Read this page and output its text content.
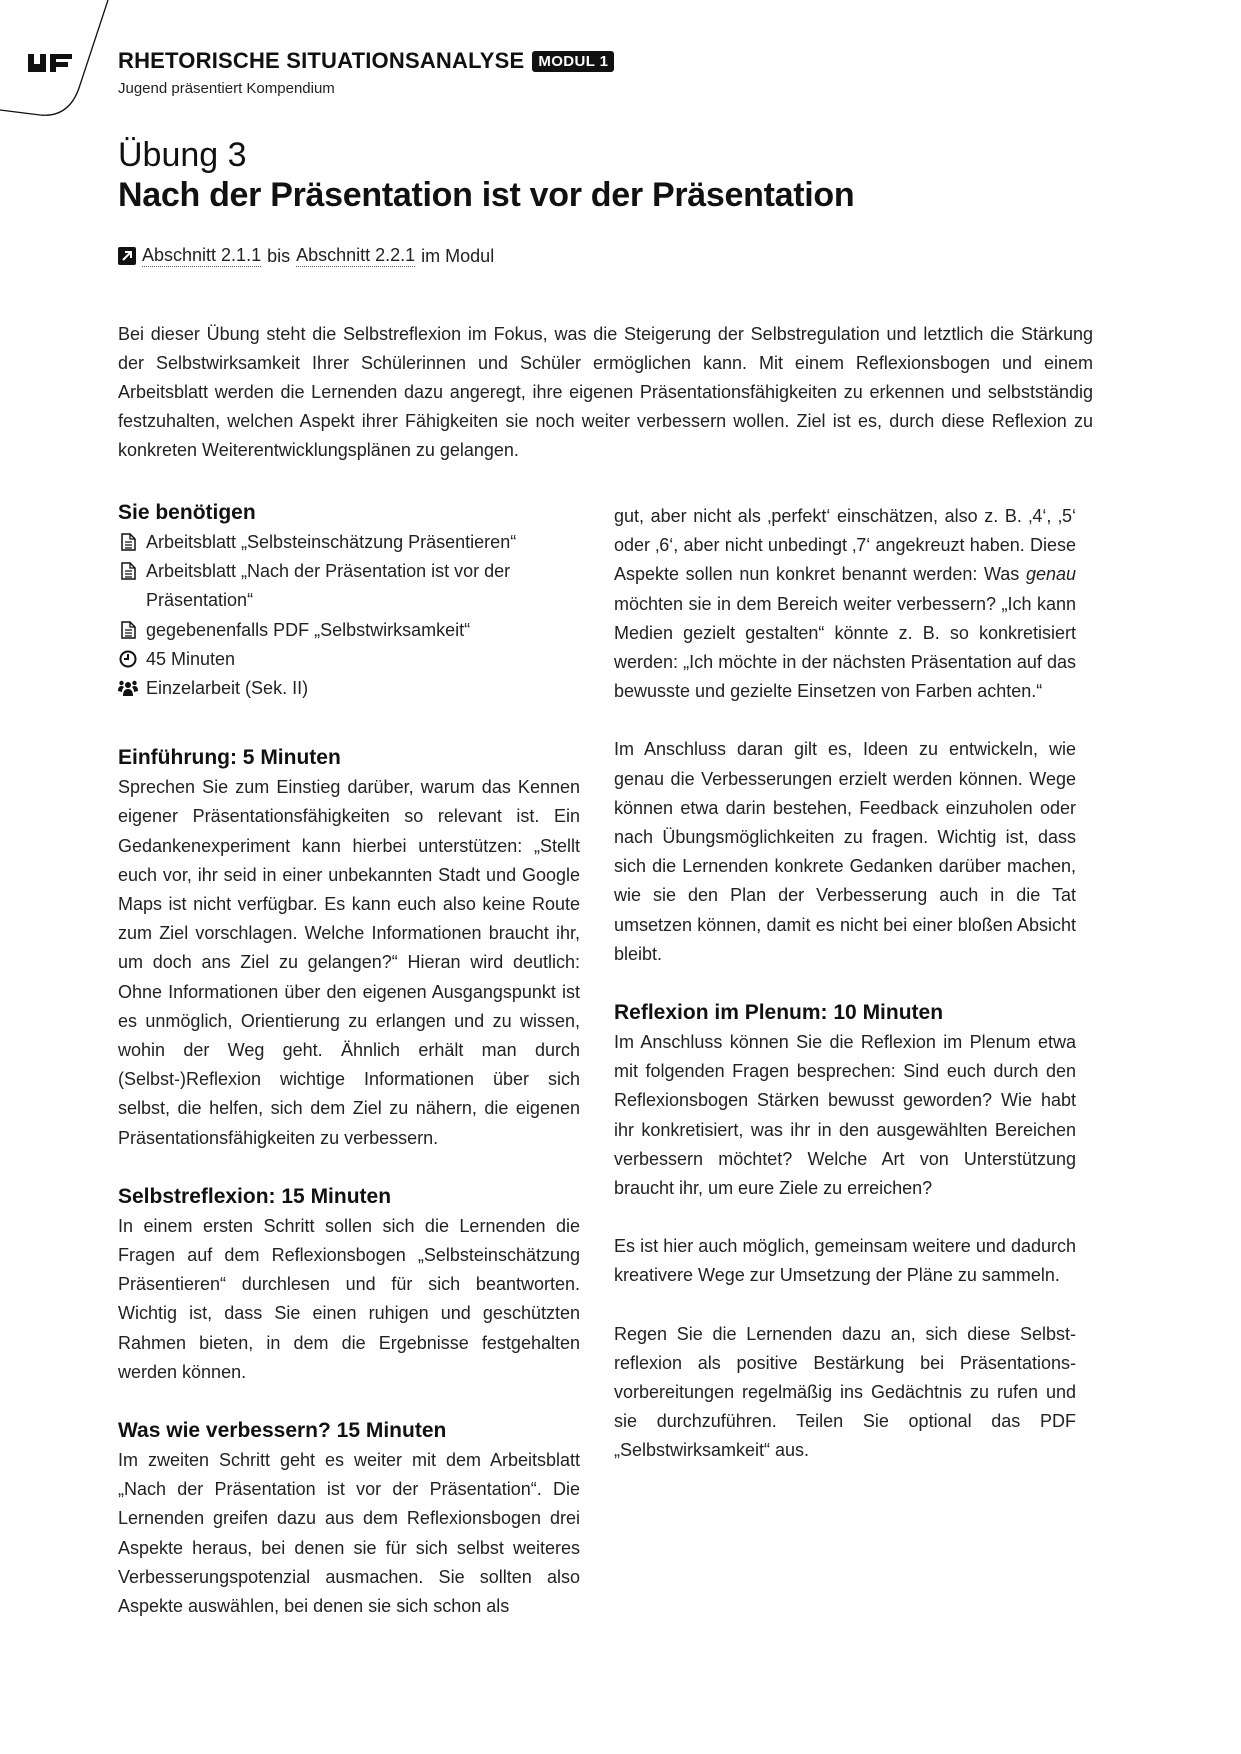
RHETORISCHE SITUATIONSANALYSE MODUL 1
Jugend präsentiert Kompendium
Übung 3
Nach der Präsentation ist vor der Präsentation
Abschnitt 2.1.1 bis Abschnitt 2.2.1 im Modul

Bei dieser Übung steht die Selbstreflexion im Fokus, was die Steigerung der Selbstregulation und letztlich die Stärkung der Selbstwirksamkeit Ihrer Schülerinnen und Schüler ermöglichen kann. Mit einem Reflexionsbogen und einem Arbeitsblatt werden die Lernenden dazu angeregt, ihre eigenen Präsentationsfähigkeiten zu erkennen und selbstständig festzuhalten, welchen Aspekt ihrer Fähigkeiten sie noch weiter verbessern wollen. Ziel ist es, durch diese Reflexion zu konkreten Weiterentwicklungsplänen zu gelangen.

Sie benötigen
Arbeitsblatt „Selbsteinschätzung Präsentieren“
Arbeitsblatt „Nach der Präsentation ist vor der Präsentation“
gegebenenfalls PDF „Selbstwirksamkeit“
45 Minuten
Einzelarbeit (Sek. II)
Einführung: 5 Minuten

Sprechen Sie zum Einstieg darüber, warum das Kennen eigener Präsentationsfähigkeiten so relevant ist. Ein Gedankenexperiment kann hierbei unterstützen: „Stellt euch vor, ihr seid in einer unbekannten Stadt und Google Maps ist nicht verfügbar. Es kann euch also keine Route zum Ziel vorschlagen. Welche Informationen braucht ihr, um doch ans Ziel zu gelangen?“ Hieran wird deutlich: Ohne Informationen über den eigenen Ausgangspunkt ist es unmöglich, Orientierung zu erlangen und zu wissen, wohin der Weg geht. Ähnlich erhält man durch (Selbst-)Reflexion wichtige Informationen über sich selbst, die helfen, sich dem Ziel zu nähern, die eigenen Präsentationsfähigkeiten zu verbessern.

Selbstreflexion: 15 Minuten

In einem ersten Schritt sollen sich die Lernenden die Fragen auf dem Reflexionsbogen „Selbsteinschätzung Präsentieren“ durchlesen und für sich beantworten. Wichtig ist, dass Sie einen ruhigen und geschützten Rahmen bieten, in dem die Ergebnisse festgehalten werden können.

Was wie verbessern? 15 Minuten

Im zweiten Schritt geht es weiter mit dem Arbeitsblatt „Nach der Präsentation ist vor der Präsentation“. Die Lernenden greifen dazu aus dem Reflexionsbogen drei Aspekte heraus, bei denen sie für sich selbst weiteres Verbesserungspotenzial ausmachen. Sie sollten also Aspekte auswählen, bei denen sie sich schon als

gut, aber nicht als ‚perfekt‘ einschätzen, also z. B. ‚4‘, ‚5‘ oder ‚6‘, aber nicht unbedingt ‚7‘ angekreuzt haben. Diese Aspekte sollen nun konkret benannt werden: Was genau möchten sie in dem Bereich weiter verbessern? „Ich kann Medien gezielt gestalten“ könnte z. B. so konkretisiert werden: „Ich möchte in der nächsten Präsentation auf das bewusste und gezielte Einsetzen von Farben achten.“

Im Anschluss daran gilt es, Ideen zu entwickeln, wie genau die Verbesserungen erzielt werden können. Wege können etwa darin bestehen, Feedback einzuholen oder nach Übungsmöglichkeiten zu fragen. Wichtig ist, dass sich die Lernenden konkrete Gedanken darüber machen, wie sie den Plan der Verbesserung auch in die Tat umsetzen können, damit es nicht bei einer bloßen Absicht bleibt.

Reflexion im Plenum: 10 Minuten

Im Anschluss können Sie die Reflexion im Plenum etwa mit folgenden Fragen besprechen: Sind euch durch den Reflexionsbogen Stärken bewusst geworden? Wie habt ihr konkretisiert, was ihr in den ausgewählten Bereichen verbessern möchtet? Welche Art von Unterstützung braucht ihr, um eure Ziele zu erreichen?

Es ist hier auch möglich, gemeinsam weitere und dadurch kreativere Wege zur Umsetzung der Pläne zu sammeln.

Regen Sie die Lernenden dazu an, sich diese Selbstreflexion als positive Bestärkung bei Präsentationsvorbereitungen regelmäßig ins Gedächtnis zu rufen und sie durchzuführen. Teilen Sie optional das PDF „Selbstwirksamkeit“ aus.
